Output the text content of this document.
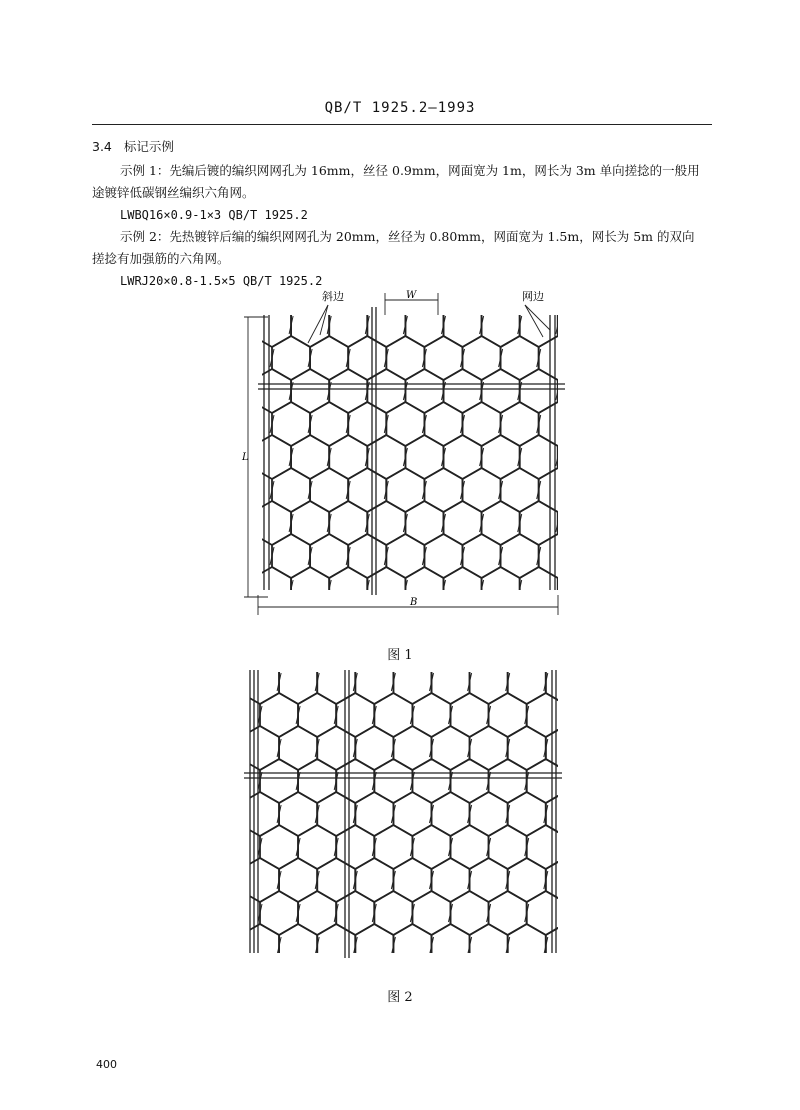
QB/T 1925.2—1993
3.4 标记示例
示例 1：先编后镀的编织网网孔为 16mm，丝径 0.9mm，网面宽为 1m，网长为 3m 单向搓捻的一般用
途镀锌低碳钢丝编织六角网。
LWBQ16×0.9-1×3 QB/T 1925.2
示例 2：先热镀锌后编的编织网网孔为 20mm，丝径为 0.80mm，网面宽为 1.5m，网长为 5m 的双向
搓捻有加强筋的六角网。
LWRJ20×0.8-1.5×5 QB/T 1925.2
斜边	网边
W
L
B
图 1
图 2
400
